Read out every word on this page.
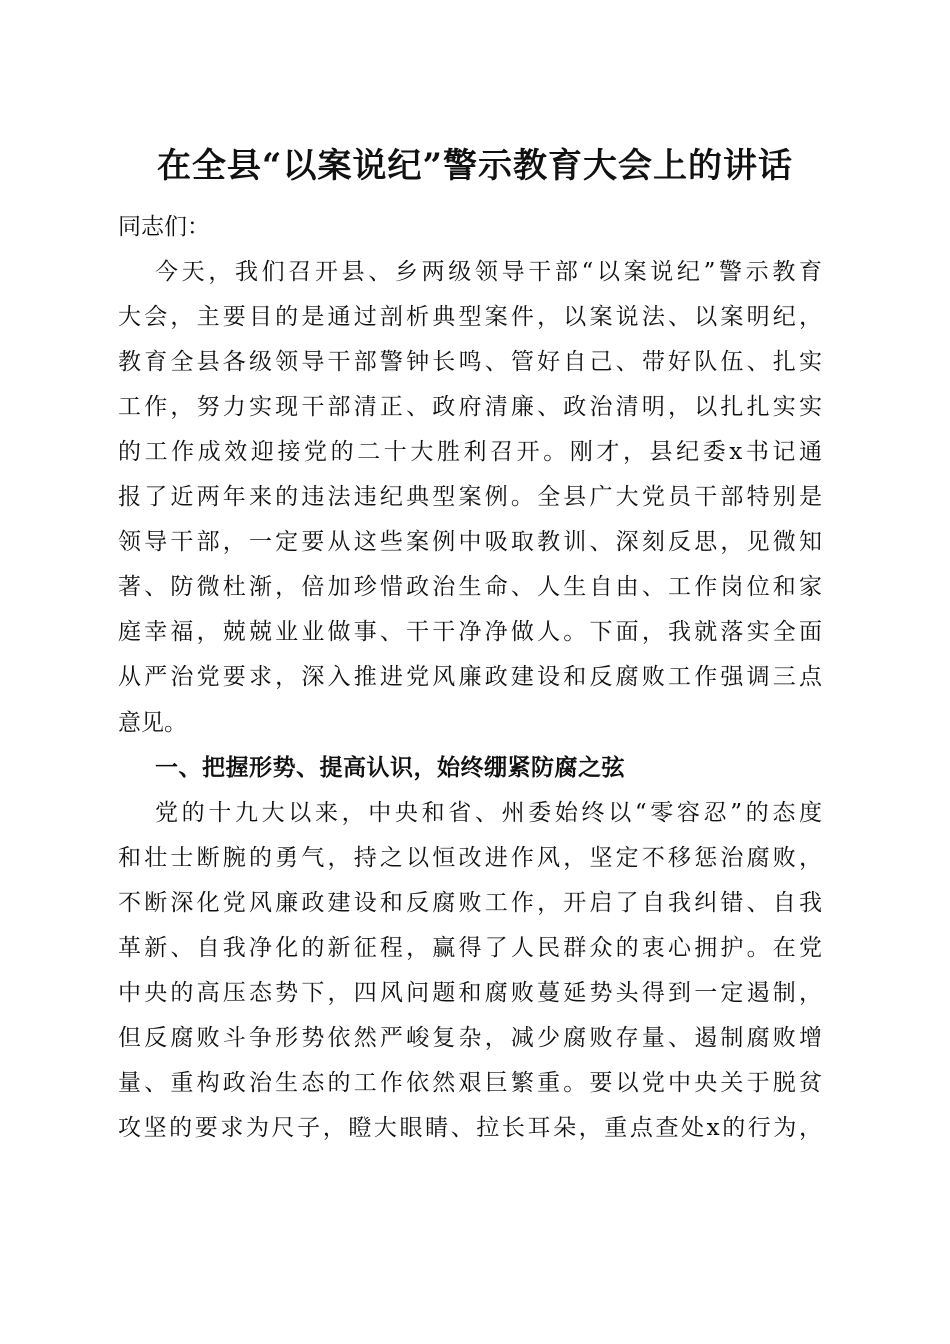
在全县“以案说纪”警示教育大会上的讲话
同志们：
今天，我们召开县、乡两级领导干部“以案说纪”警示教育
大会，主要目的是通过剖析典型案件，以案说法、以案明纪，
教育全县各级领导干部警钟长鸣、管好自己、带好队伍、扎实
工作，努力实现干部清正、政府清廉、政治清明，以扎扎实实
的工作成效迎接党的二十大胜利召开。刚才，县纪委x书记通
报了近两年来的违法违纪典型案例。全县广大党员干部特别是
领导干部，一定要从这些案例中吸取教训、深刻反思，见微知
著、防微杜渐，倍加珍惜政治生命、人生自由、工作岗位和家
庭幸福，兢兢业业做事、干干净净做人。下面，我就落实全面
从严治党要求，深入推进党风廉政建设和反腐败工作强调三点
意见。
一、把握形势、提高认识，始终绷紧防腐之弦
党的十九大以来，中央和省、州委始终以“零容忍”的态度
和壮士断腕的勇气，持之以恒改进作风，坚定不移惩治腐败，
不断深化党风廉政建设和反腐败工作，开启了自我纠错、自我
革新、自我净化的新征程，赢得了人民群众的衷心拥护。在党
中央的高压态势下，四风问题和腐败蔓延势头得到一定遏制，
但反腐败斗争形势依然严峻复杂，减少腐败存量、遏制腐败增
量、重构政治生态的工作依然艰巨繁重。要以党中央关于脱贫
攻坚的要求为尺子，瞪大眼睛、拉长耳朵，重点查处x的行为，
